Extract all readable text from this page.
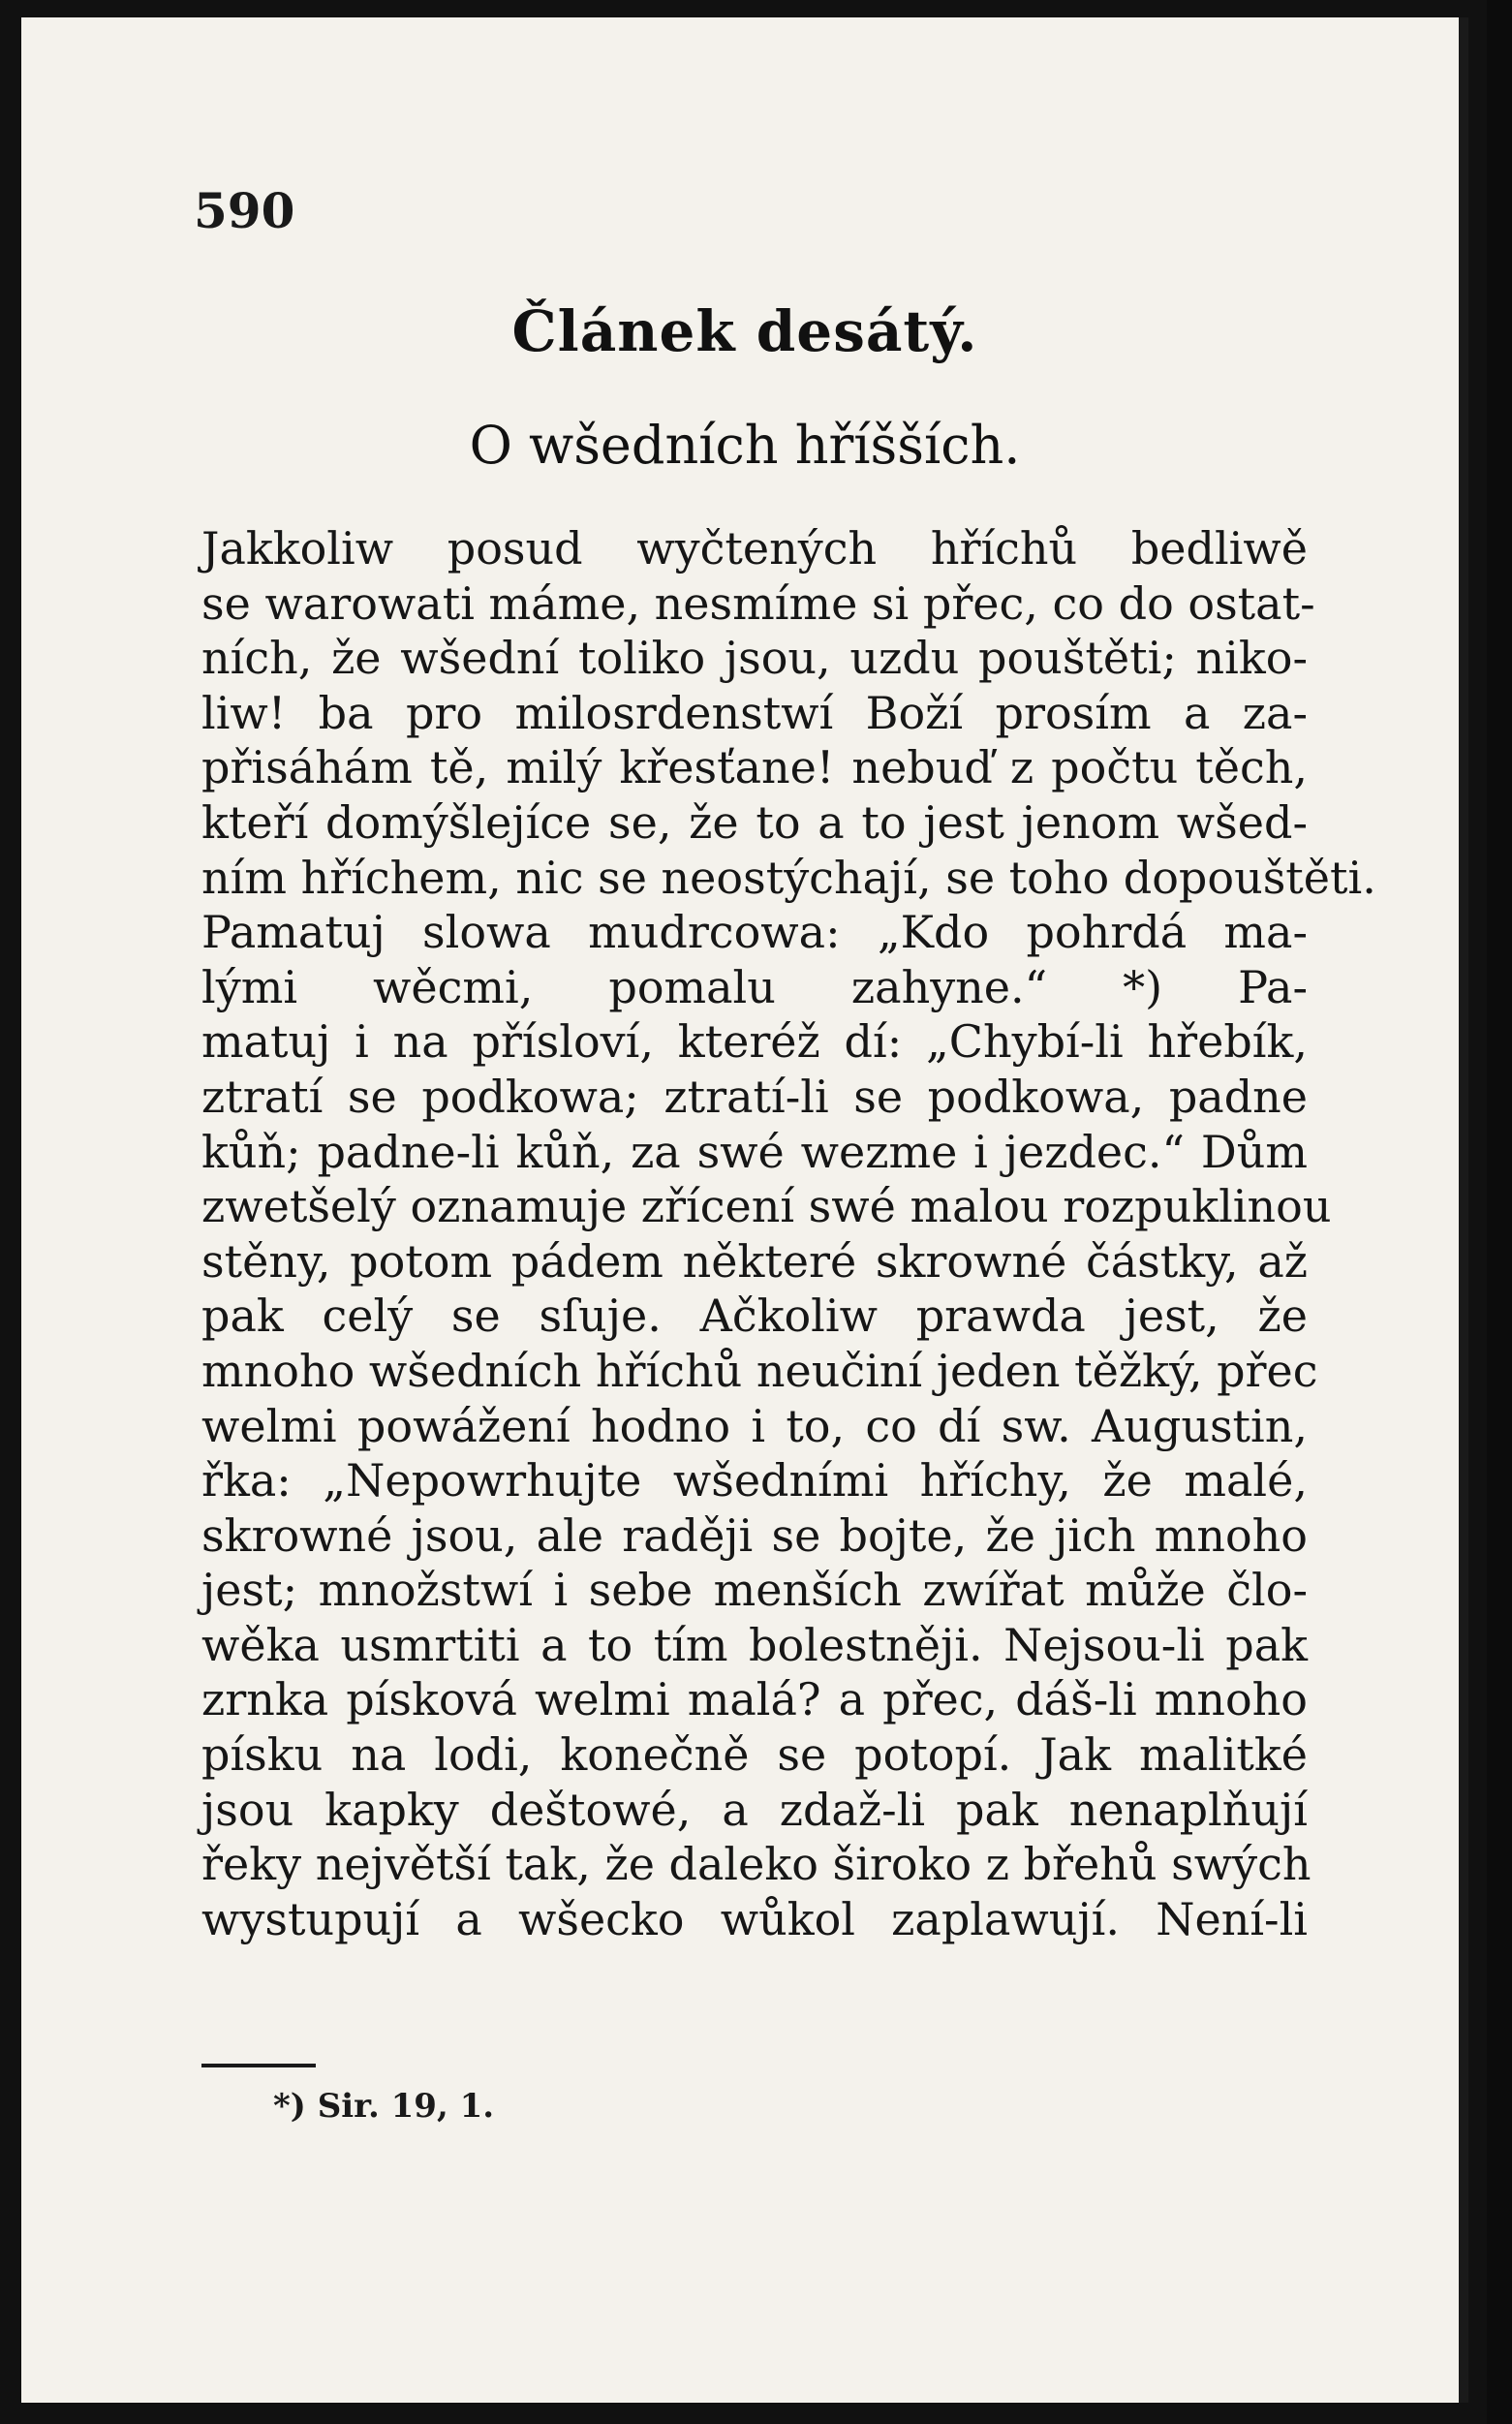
590
Článek desátý.
O wšedních hříšších.
Jakkoliw posud wyčtených hříchů bedliwě
se warowati máme, nesmíme si přec, co do ostat-
ních, že wšední toliko jsou, uzdu pouštěti; niko-
liw! ba pro milosrdenstwí Boží prosím a za-
přisáhám tě, milý křesťane! nebuď z počtu těch,
kteří domýšlejíce se, že to a to jest jenom wšed-
ním hříchem, nic se neostýchají, se toho dopouštěti.
Pamatuj slowa mudrcowa: „Kdo pohrdá ma-
lými wěcmi, pomalu zahyne.“ *) Pa-
matuj i na přísloví, kteréž dí: „Chybí-li hřebík,
ztratí se podkowa; ztratí-li se podkowa, padne
kůň; padne-li kůň, za swé wezme i jezdec.“ Dům
zwetšelý oznamuje zřícení swé malou rozpuklinou
stěny, potom pádem některé skrowné částky, až
pak celý se sſuje. Ačkoliw prawda jest, že
mnoho wšedních hříchů neučiní jeden těžký, přec
welmi powážení hodno i to, co dí sw. Augustin,
řka: „Nepowrhujte wšedními hříchy, že malé,
skrowné jsou, ale raději se bojte, že jich mnoho
jest; množstwí i sebe menších zwířat může člo-
wěka usmrtiti a to tím bolestněji. Nejsou-li pak
zrnka písková welmi malá? a přec, dáš-li mnoho
písku na lodi, konečně se potopí. Jak malitké
jsou kapky deštowé, a zdaž-li pak nenaplňují
řeky největší tak, že daleko široko z břehů swých
wystupují a wšecko wůkol zaplawují. Není-li
*) Sir. 19, 1.
